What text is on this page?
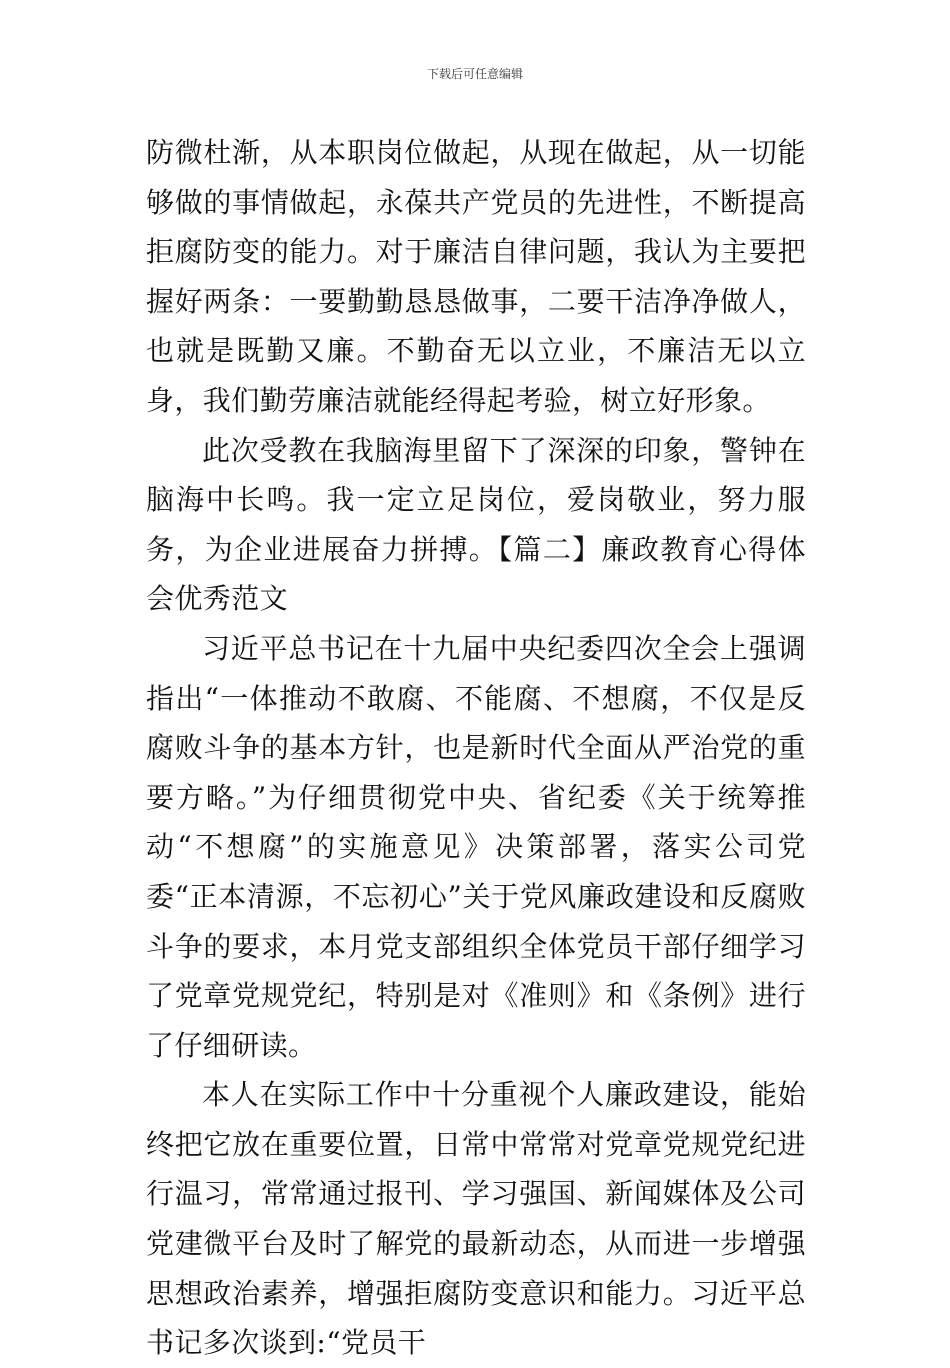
下载后可任意编辑

防微杜渐，从本职岗位做起，从现在做起，从一切能够做的事情做起，永葆共产党员的先进性，不断提高拒腐防变的能力。对于廉洁自律问题，我认为主要把握好两条：一要勤勤恳恳做事，二要干洁净净做人，也就是既勤又廉。不勤奋无以立业，不廉洁无以立身，我们勤劳廉洁就能经得起考验，树立好形象。

此次受教在我脑海里留下了深深的印象，警钟在脑海中长鸣。我一定立足岗位，爱岗敬业，努力服务，为企业进展奋力拼搏。【篇二】廉政教育心得体会优秀范文

习近平总书记在十九届中央纪委四次全会上强调指出“一体推动不敢腐、不能腐、不想腐，不仅是反腐败斗争的基本方针，也是新时代全面从严治党的重要方略。”为仔细贯彻党中央、省纪委《关于统筹推动“不想腐”的实施意见》决策部署，落实公司党委“正本清源，不忘初心”关于党风廉政建设和反腐败斗争的要求，本月党支部组织全体党员干部仔细学习了党章党规党纪，特别是对《准则》和《条例》进行了仔细研读。

本人在实际工作中十分重视个人廉政建设，能始终把它放在重要位置，日常中常常对党章党规党纪进行温习，常常通过报刊、学习强国、新闻媒体及公司党建微平台及时了解党的最新动态，从而进一步增强思想政治素养，增强拒腐防变意识和能力。习近平总书记多次谈到:“党员干
